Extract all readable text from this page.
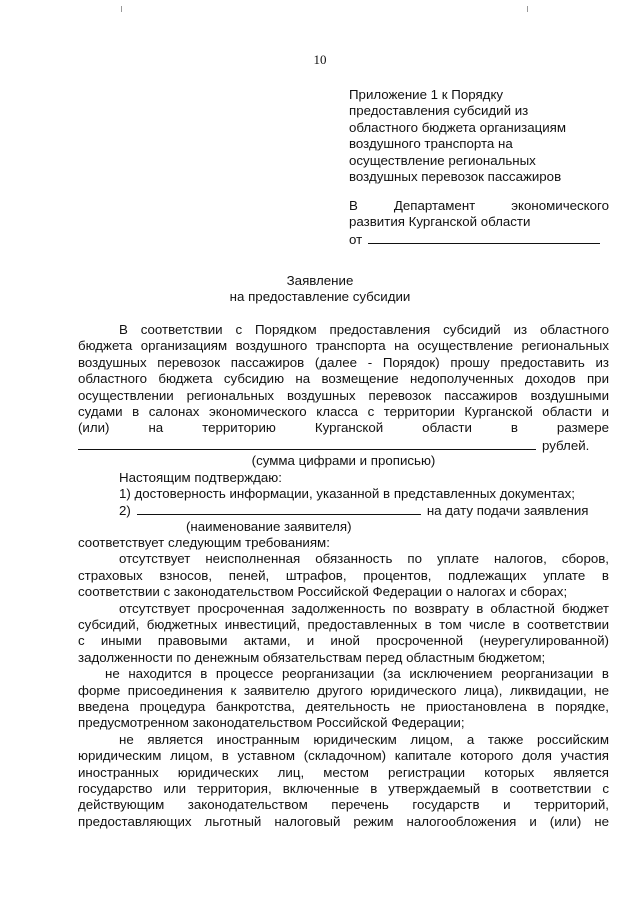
10
Приложение 1 к Порядку
предоставления субсидий из
областного бюджета организациям
воздушного транспорта на
осуществление региональных
воздушных перевозок пассажиров
В	Департамент	экономического
развития Курганской области
от
Заявление
на предоставление субсидии
В соответствии с Порядком предоставления субсидий из областного
бюджета организациям воздушного транспорта на осуществление региональных
воздушных перевозок пассажиров (далее - Порядок) прошу предоставить из
областного бюджета субсидию на возмещение недополученных доходов при
осуществлении региональных воздушных перевозок пассажиров воздушными
судами в салонах экономического класса с территории Курганской области и
(или) на территорию Курганской области в размере
рублей.
(сумма цифрами и прописью)
Настоящим подтверждаю:
1) достоверность информации, указанной в представленных документах;
2)	на дату подачи заявления
(наименование заявителя)
соответствует следующим требованиям:
отсутствует неисполненная обязанность по уплате налогов, сборов,
страховых взносов, пеней, штрафов, процентов, подлежащих уплате в
соответствии с законодательством Российской Федерации о налогах и сборах;
отсутствует просроченная задолженность по возврату в областной бюджет
субсидий, бюджетных инвестиций, предоставленных в том числе в соответствии
с иными правовыми актами, и иной просроченной (неурегулированной)
задолженности по денежным обязательствам перед областным бюджетом;
не находится в процессе реорганизации (за исключением реорганизации в
форме присоединения к заявителю другого юридического лица), ликвидации, не
введена процедура банкротства, деятельность не приостановлена в порядке,
предусмотренном законодательством Российской Федерации;
не является иностранным юридическим лицом, а также российским
юридическим лицом, в уставном (складочном) капитале которого доля участия
иностранных юридических лиц, местом регистрации которых является
государство или территория, включенные в утверждаемый в соответствии с
действующим законодательством перечень государств и территорий,
предоставляющих льготный налоговый режим налогообложения и (или) не
